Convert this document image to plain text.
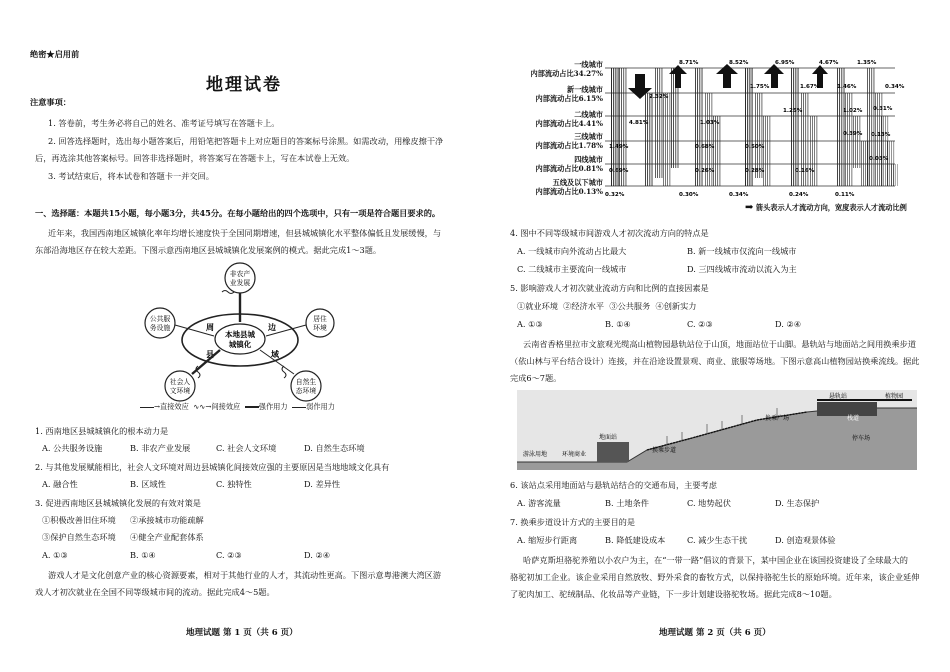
绝密★启用前
地理试卷
注意事项：
1. 答卷前，考生务必将自己的姓名、准考证号填写在答题卡上。
2. 回答选择题时，选出每小题答案后，用铅笔把答题卡上对应题目的答案标号涂黑。如需改动，用橡皮擦干净
后，再选涂其他答案标号。回答非选择题时，将答案写在答题卡上，写在本试卷上无效。
3. 考试结束后，将本试卷和答题卡一并交回。
一、选择题：本题共15小题，每小题3分，共45分。在每小题给出的四个选项中，只有一项是符合题目要求的。
近年来，我国西南地区城镇化率年均增长速度快于全国同期增速，但县城城镇化水平整体偏低且发展缓慢，与
东部沿海地区存在较大差距。下图示意西南地区县城城镇化发展案例的模式。据此完成1～3题。
本地县城
城镇化
周	边
县	域
非农产
业发展
居住
环境
自然生
态环境
社会人
文环境
公共服
务设施
→直接效应 ∿∿→间接效应	强作用力	弱作用力
1. 西南地区县城城镇化的根本动力是
A. 公共服务设施	B. 非农产业发展	C. 社会人文环境	D. 自然生态环境
2. 与其他发展赋能相比，社会人文环境对周边县城镇化间接效应强的主要原因是当地地域文化具有
A. 融合性	B. 区域性	C. 独特性	D. 差异性
3. 促进西南地区县城城镇化发展的有效对策是
①积极改善旧住环境 ②承接城市功能疏解
③保护自然生态环境 ④健全产业配套体系
A. ①③	B. ①④	C. ②③	D. ②④
游戏人才是文化创意产业的核心资源要素，相对于其他行业的人才，其流动性更高。下图示意粤港澳大湾区游
戏人才初次就业在全国不同等级城市间的流动。据此完成4～5题。
地理试题 第 1 页（共 6 页）
一线城市
内部流动占比34.27%
新一线城市
内部流动占比6.15%
二线城市
内部流动占比4.41%
三线城市
内部流动占比1.78%
四线城市
内部流动占比0.81%
五线及以下城市
内部流动占比0.13%
8.71%	8.52%	6.95%	4.67%	1.35%
2.32%
4.81%
1.75%	1.67%	1.46%	0.34%
1.03%
1.25%	1.02% 0.31%
1.49%	0.68%	0.50%
0.39% 0.13%
0.69%	0.26%	0.28%	0.16%
0.03%
0.32%	0.30%	0.34%	0.24%	0.11%
➡ 箭头表示人才流动方向，宽度表示人才流动比例
4. 图中不同等级城市间游戏人才初次流动方向的特点是
A. 一线城市向外流动占比最大	B. 新一线城市仅流向一线城市
C. 二线城市主要流向一线城市	D. 三四线城市流动以流入为主
5. 影响游戏人才初次就业流动方向和比例的直接因素是
①就业环境 ②经济水平 ③公共服务 ④创新实力
A. ①③	B. ①④	C. ②③	D. ②④
云南省香格里拉市文旅观光缆高山植物园悬轨站位于山顶，地面站位于山脚。悬轨站与地面站之间用换乘步道
（依山林与平台结合设计）连接，并在沿途设置景观、商业、旅服等场地。下图示意高山植物园站换乘流线。据此
完成6～7题。
游泳用地 环境商业
地面站
换乘步道
换乘广场
悬轨站
栈道
植物园
停车场
6. 该站点采用地面站与悬轨站结合的交通布局，主要考虑
A. 游客流量	B. 土地条件	C. 地势起伏	D. 生态保护
7. 换乘步道设计方式的主要目的是
A. 缩短步行距离	B. 降低建设成本	C. 减少生态干扰	D. 创造观景体验
哈萨克斯坦骆驼养殖以小农户为主，在“一带一路”倡议的背景下，某中国企业在该国投资建设了全球最大的
骆驼初加工企业。该企业采用自然放牧、野外采食的畜牧方式，以保持骆驼生长的原始环境。近年来，该企业延伸
了驼肉加工、驼绒制品、化妆品等产业链，下一步计划建设骆驼牧场。据此完成8～10题。
地理试题 第 2 页（共 6 页）
